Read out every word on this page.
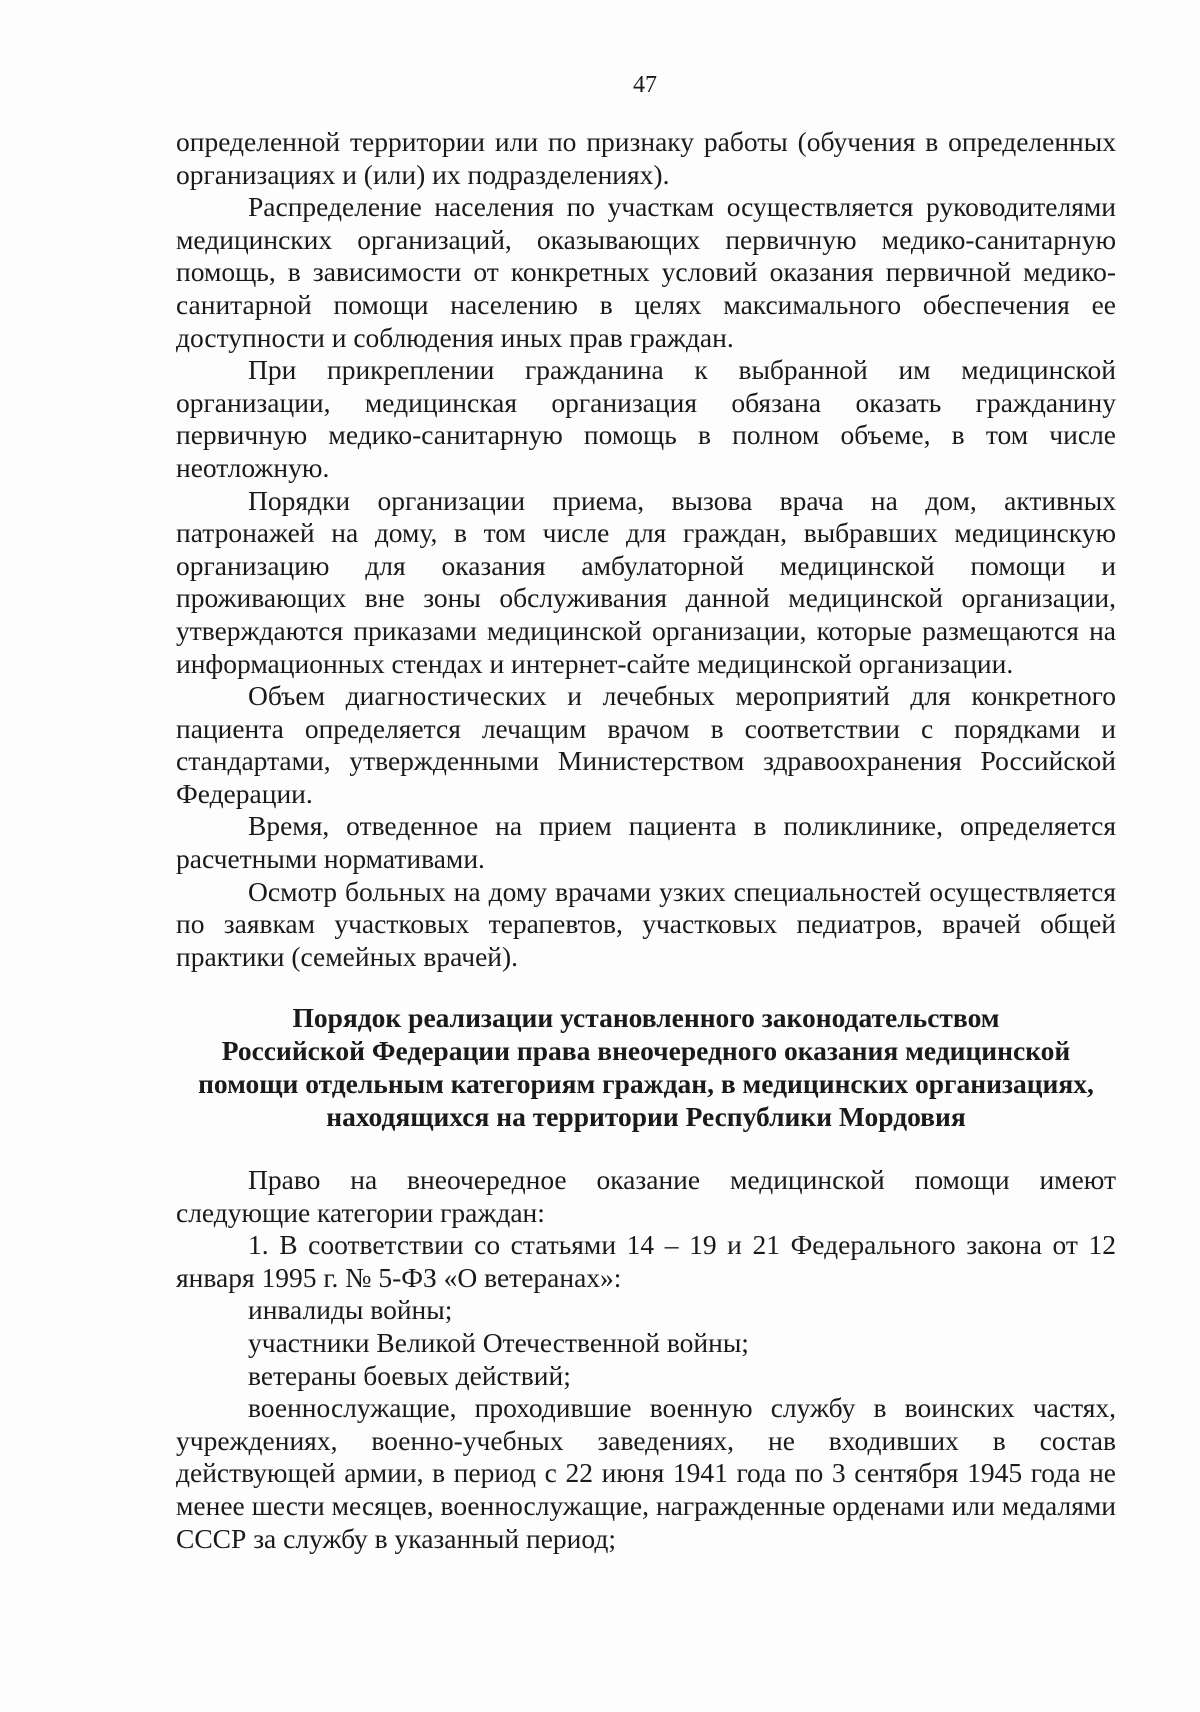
47

определенной территории или по признаку работы (обучения в определенных организациях и (или) их подразделениях).

Распределение населения по участкам осуществляется руководителями медицинских организаций, оказывающих первичную медико-санитарную помощь, в зависимости от конкретных условий оказания первичной медико-санитарной помощи населению в целях максимального обеспечения ее доступности и соблюдения иных прав граждан.

При прикреплении гражданина к выбранной им медицинской организации, медицинская организация обязана оказать гражданину первичную медико-санитарную помощь в полном объеме, в том числе неотложную.

Порядки организации приема, вызова врача на дом, активных патронажей на дому, в том числе для граждан, выбравших медицинскую организацию для оказания амбулаторной медицинской помощи и проживающих вне зоны обслуживания данной медицинской организации, утверждаются приказами медицинской организации, которые размещаются на информационных стендах и интернет-сайте медицинской организации.

Объем диагностических и лечебных мероприятий для конкретного пациента определяется лечащим врачом в соответствии с порядками и стандартами, утвержденными Министерством здравоохранения Российской Федерации.

Время, отведенное на прием пациента в поликлинике, определяется расчетными нормативами.

Осмотр больных на дому врачами узких специальностей осуществляется по заявкам участковых терапевтов, участковых педиатров, врачей общей практики (семейных врачей).

Порядок реализации установленного законодательством
Российской Федерации права внеочередного оказания медицинской
помощи отдельным категориям граждан, в медицинских организациях,
находящихся на территории Республики Мордовия

Право на внеочередное оказание медицинской помощи имеют следующие категории граждан:

1. В соответствии со статьями 14 – 19 и 21 Федерального закона от 12 января 1995 г. № 5-ФЗ «О ветеранах»:

инвалиды войны;

участники Великой Отечественной войны;

ветераны боевых действий;

военнослужащие, проходившие военную службу в воинских частях, учреждениях, военно-учебных заведениях, не входивших в состав действующей армии, в период с 22 июня 1941 года по 3 сентября 1945 года не менее шести месяцев, военнослужащие, награжденные орденами или медалями СССР за службу в указанный период;
